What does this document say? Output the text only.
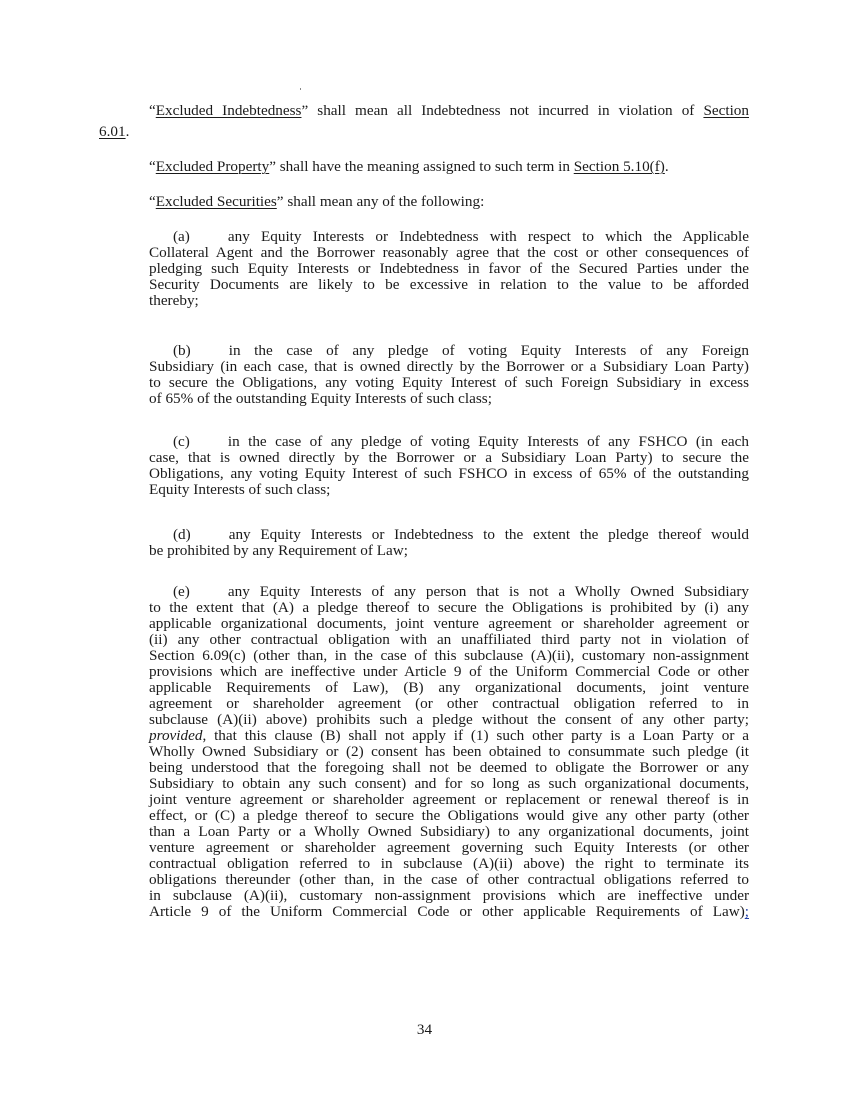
“Excluded Indebtedness” shall mean all Indebtedness not incurred in violation of Section
6.01.
“Excluded Property” shall have the meaning assigned to such term in Section 5.10(f).
“Excluded Securities” shall mean any of the following:
(a)	any Equity Interests or Indebtedness with respect to which the Applicable
Collateral Agent and the Borrower reasonably agree that the cost or other consequences of
pledging such Equity Interests or Indebtedness in favor of the Secured Parties under the
Security Documents are likely to be excessive in relation to the value to be afforded
thereby;
(b)	in the case of any pledge of voting Equity Interests of any Foreign
Subsidiary (in each case, that is owned directly by the Borrower or a Subsidiary Loan Party)
to secure the Obligations, any voting Equity Interest of such Foreign Subsidiary in excess
of 65% of the outstanding Equity Interests of such class;
(c)	in the case of any pledge of voting Equity Interests of any FSHCO (in each
case, that is owned directly by the Borrower or a Subsidiary Loan Party) to secure the
Obligations, any voting Equity Interest of such FSHCO in excess of 65% of the outstanding
Equity Interests of such class;
(d)	any Equity Interests or Indebtedness to the extent the pledge thereof would
be prohibited by any Requirement of Law;
(e)	any Equity Interests of any person that is not a Wholly Owned Subsidiary
to the extent that (A) a pledge thereof to secure the Obligations is prohibited by (i) any
applicable organizational documents, joint venture agreement or shareholder agreement or
(ii) any other contractual obligation with an unaffiliated third party not in violation of
Section 6.09(c) (other than, in the case of this subclause (A)(ii), customary non-assignment
provisions which are ineffective under Article 9 of the Uniform Commercial Code or other
applicable Requirements of Law), (B) any organizational documents, joint venture
agreement or shareholder agreement (or other contractual obligation referred to in
subclause (A)(ii) above) prohibits such a pledge without the consent of any other party;
provided, that this clause (B) shall not apply if (1) such other party is a Loan Party or a
Wholly Owned Subsidiary or (2) consent has been obtained to consummate such pledge (it
being understood that the foregoing shall not be deemed to obligate the Borrower or any
Subsidiary to obtain any such consent) and for so long as such organizational documents,
joint venture agreement or shareholder agreement or replacement or renewal thereof is in
effect, or (C) a pledge thereof to secure the Obligations would give any other party (other
than a Loan Party or a Wholly Owned Subsidiary) to any organizational documents, joint
venture agreement or shareholder agreement governing such Equity Interests (or other
contractual obligation referred to in subclause (A)(ii) above) the right to terminate its
obligations thereunder (other than, in the case of other contractual obligations referred to
in subclause (A)(ii), customary non-assignment provisions which are ineffective under
Article 9 of the Uniform Commercial Code or other applicable Requirements of Law);
34
